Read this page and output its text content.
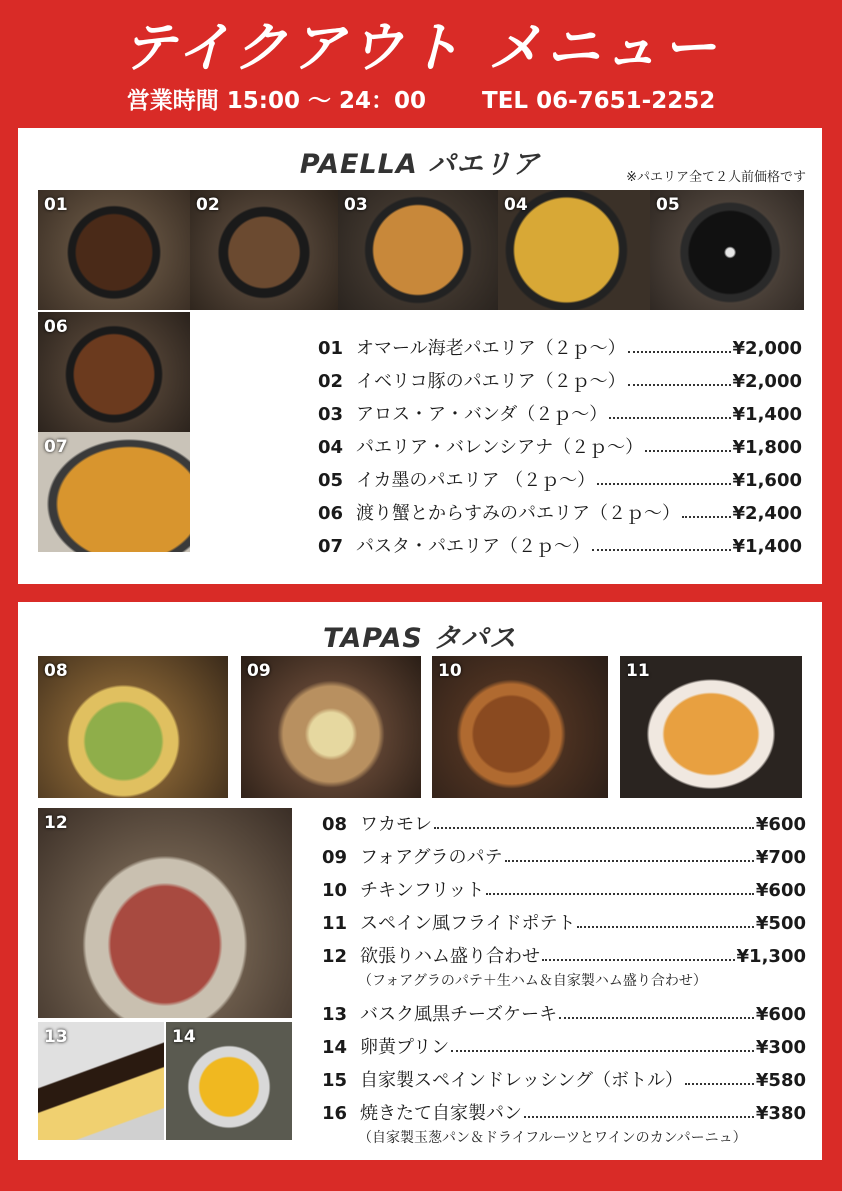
テイクアウト メニュー
営業時間 15:00 〜 24：00 TEL 06-7651-2252
PAELLA パエリア	※パエリア全て２人前価格です
01	02	03	04	05
06
07
01 オマール海老パエリア（２ｐ〜）	¥2,000
02 イベリコ豚のパエリア（２ｐ〜）	¥2,000
03 アロス・ア・バンダ（２ｐ〜）	¥1,400
04 パエリア・バレンシアナ（２ｐ〜）	¥1,800
05 イカ墨のパエリア （２ｐ〜）	¥1,600
06 渡り蟹とからすみのパエリア（２ｐ〜）	¥2,400
07 パスタ・パエリア（２ｐ〜）	¥1,400
TAPAS タパス
08	09	10	11
12
13	14
08 ワカモレ	¥600
09 フォアグラのパテ	¥700
10 チキンフリット	¥600
11 スペイン風フライドポテト	¥500
12 欲張りハム盛り合わせ	¥1,300
（フォアグラのパテ＋生ハム＆自家製ハム盛り合わせ）
13 バスク風黒チーズケーキ	¥600
14 卵黄プリン	¥300
15 自家製スペインドレッシング（ボトル）	¥580
16 焼きたて自家製パン	¥380
（自家製玉葱パン＆ドライフルーツとワインのカンパーニュ）
